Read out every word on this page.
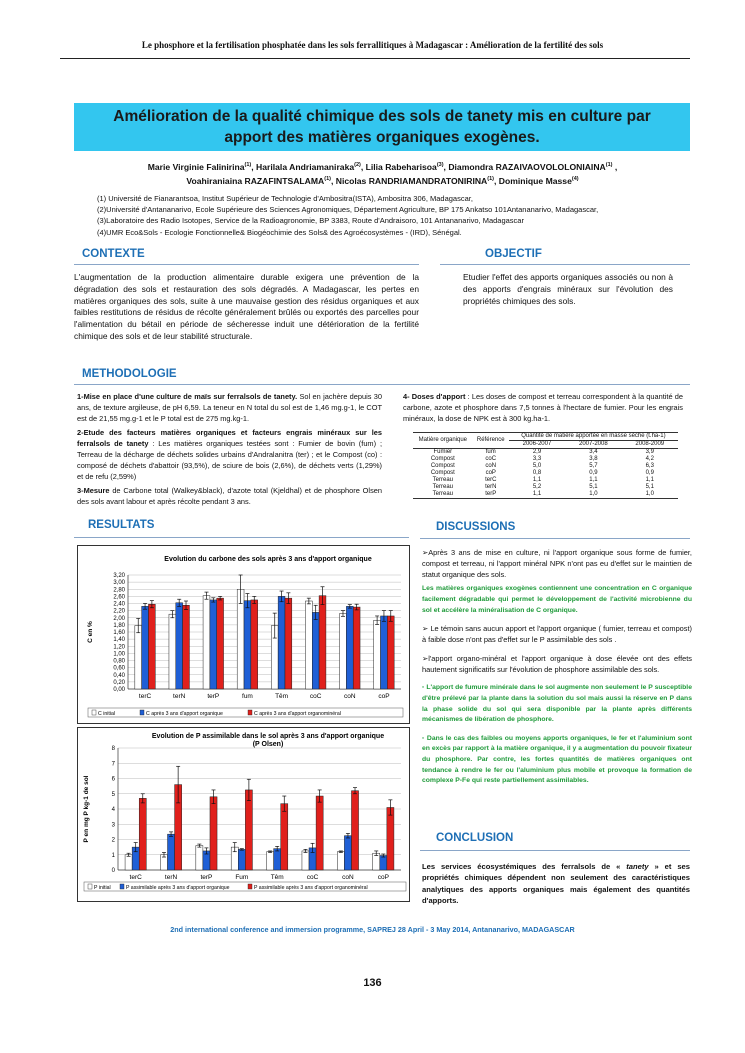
Le phosphore et la fertilisation phosphatée dans les sols ferrallitiques à Madagascar : Amélioration de la fertilité des sols
Amélioration de la qualité chimique des sols de tanety mis en culture par
apport des matières organiques exogènes.
Marie Virginie Falinirina$^{(1)}$, Harilala Andriamaniraka$^{(2)}$, Lilia Rabeharisoa$^{(3)}$, Diamondra RAZAIVAOVOLOLONIAINA$^{(1)}$ ,
Voahiraniaina RAZAFINTSALAMA$^{(1)}$, Nicolas RANDRIAMANDRATONIRINA$^{(1)}$, Dominique Masse$^{(4)}$
(1) Université de Fianarantsoa, Institut Supérieur de Technologie d'Ambositra(ISTA), Ambositra 306, Madagascar,
(2)Université d'Antananarivo, Ecole Supérieure des Sciences Agronomiques, Département Agriculture, BP 175 Ankatso 101Antananarivo, Madagascar,
(3)Laboratoire des Radio Isotopes, Service de la Radioagronomie, BP 3383, Route d'Andraisoro, 101 Antananarivo, Madagascar
(4)UMR Eco&Sols - Ecologie Fonctionnelle& Biogéochimie des Sols& des Agroécosystèmes - (IRD), Sénégal.
CONTEXTE
L'augmentation de la production alimentaire durable exigera une prévention de la dégradation des sols et restauration des sols dégradés. A Madagascar, les pertes en matières organiques des sols, suite à une mauvaise gestion des résidus organiques et aux faibles restitutions de résidus de récolte généralement brûlés ou exportés des parcelles pour l'alimentation du bétail en période de sécheresse induit une détérioration de la fertilité chimique des sols et de leur stabilité structurale.
OBJECTIF
Etudier l'effet des apports organiques associés ou non à des apports d'engrais minéraux sur l'évolution des propriétés chimiques des sols.
METHODOLOGIE
1-Mise en place d'une culture de maïs sur ferralsols de tanety. Sol en jachère depuis 30 ans, de texture argileuse, de pH 6,59. La teneur en N total du sol est de 1,46 mg.g-1, le COT est de 21,55 mg.g-1 et le P total est de 275 mg.kg-1.
2-Etude des facteurs matières organiques et facteurs engrais minéraux sur les ferralsols de tanety : Les matières organiques testées sont : Fumier de bovin (fum) ; Terreau de la décharge de déchets solides urbains d'Andralanitra (ter) ; et le Compost (co) : composé de déchets d'abattoir (93,5%), de sciure de bois (2,6%), de déchets verts (1,29%) et de refu (2,59%)
3-Mesure de Carbone total (Walkey&black), d'azote total (Kjeldhal) et de phosphore Olsen des sols avant labour et après récolte pendant 3 ans.
4- Doses d'apport : Les doses de compost et terreau correspondent à la quantité de carbone, azote et phosphore dans 7,5 tonnes à l'hectare de fumier. Pour les engrais minéraux, la dose de NPK est à 300 kg.ha-1.
Matière organique	Référence	Quantité de matière apportée en masse sèche (t.ha-1)		
		2006-2007	2007-2008	2008-2009
Fumier	fum	2,9	3,4	3,9
Compost	coC	3,3	3,8	4,2
Compost	coN	5,0	5,7	6,3
Compost	coP	0,8	0,9	0,9
Terreau	terC	1,1	1,1	1,1
Terreau	terN	5,2	5,1	5,1
Terreau	terP	1,1	1,0	1,0
RESULTATS
Evolution du carbone des sols après 3 ans d'apport organique
0,00
0,20
0,40
0,60
0,80
1,00
1,20
1,40
1,60
1,80
2,00
2,20
2,40
2,60
2,80
3,00
3,20
C en %
terC	terN	terP	fum	Têm	coC	coN	coP
C initial	C après 3 ans d'apport organique	C après 3 ans d'apport organominéral
Evolution de P assimilable dans le sol après 3 ans d'apport organique
(P Olsen)
0
1
2
3
4
5
6
7
8
P en mg P kg-1 de sol
terC	terN	terP	Fum	Têm	coC	coN	coP
P initial	P assimilable après 3 ans d'apport organique	P assimilable après 3 ans d'apport organominéral
DISCUSSIONS
➢Après 3 ans de mise en culture, ni l'apport organique sous forme de fumier, compost et terreau, ni l'apport minéral NPK n'ont pas eu d'effet sur le maintien de statut organique des sols.
Les matières organiques exogènes contiennent une concentration en C organique facilement dégradable qui permet le développement de l'activité microbienne du sol et accélère la minéralisation de C organique.
➢ Le témoin sans aucun apport et l'apport organique ( fumier, terreau et compost) à faible dose n'ont pas d'effet sur le P assimilable des sols .
➢l'apport organo-minéral et l'apport organique à dose élevée ont des effets hautement significatifs sur l'évolution de phosphore assimilable des sols.
▫ L'apport de fumure minérale dans le sol augmente non seulement le P susceptible d'être prélevé par la plante dans la solution du sol mais aussi la réserve en P dans la phase solide du sol qui sera disponible par la plante après différents mécanismes de libération de phosphore.
▫ Dans le cas des faibles ou moyens apports organiques, le fer et l'aluminium sont en excès par rapport à la matière organique, il y a augmentation du pouvoir fixateur du phosphore. Par contre, les fortes quantités de matières organiques ont tendance à rendre le fer ou l'aluminium plus mobile et provoque la formation de complexe P-Fe qui reste partiellement assimilables.
CONCLUSION
Les services écosystémiques des ferralsols de « tanety » et ses propriétés chimiques dépendent non seulement des caractéristiques analytiques des apports organiques mais également des quantités d'apports.
2nd international conference and immersion programme, SAPREJ 28 April - 3 May 2014, Antananarivo, MADAGASCAR
136
